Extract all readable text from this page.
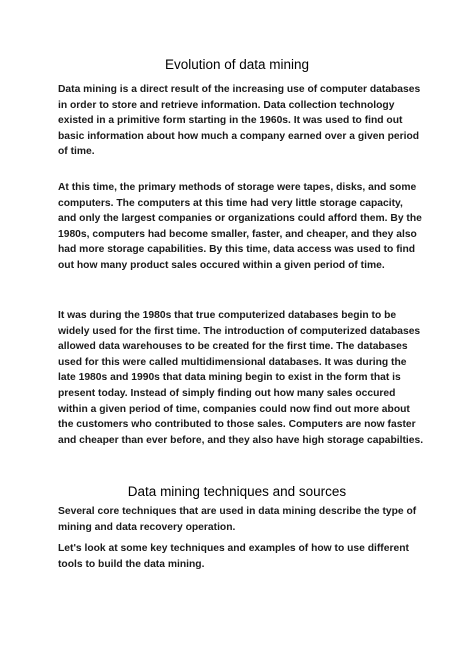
Evolution of data mining

Data mining is a direct result of the increasing use of computer databases in order to store and retrieve information. Data collection technology existed in a primitive form starting in the 1960s. It was used to find out basic information about how much a company earned over a given period of time.

At this time, the primary methods of storage were tapes, disks, and some computers. The computers at this time had very little storage capacity, and only the largest companies or organizations could afford them. By the 1980s, computers had become smaller, faster, and cheaper, and they also had more storage capabilities. By this time, data access was used to find out how many product sales occured within a given period of time.

It was during the 1980s that true computerized databases begin to be widely used for the first time. The introduction of computerized databases allowed data warehouses to be created for the first time. The databases used for this were called multidimensional databases. It was during the late 1980s and 1990s that data mining begin to exist in the form that is present today. Instead of simply finding out how many sales occured within a given period of time, companies could now find out more about the customers who contributed to those sales. Computers are now faster and cheaper than ever before, and they also have high storage capabilties.

Data mining techniques and sources

Several core techniques that are used in data mining describe the type of mining and data recovery operation.

Let's look at some key techniques and examples of how to use different tools to build the data mining.
